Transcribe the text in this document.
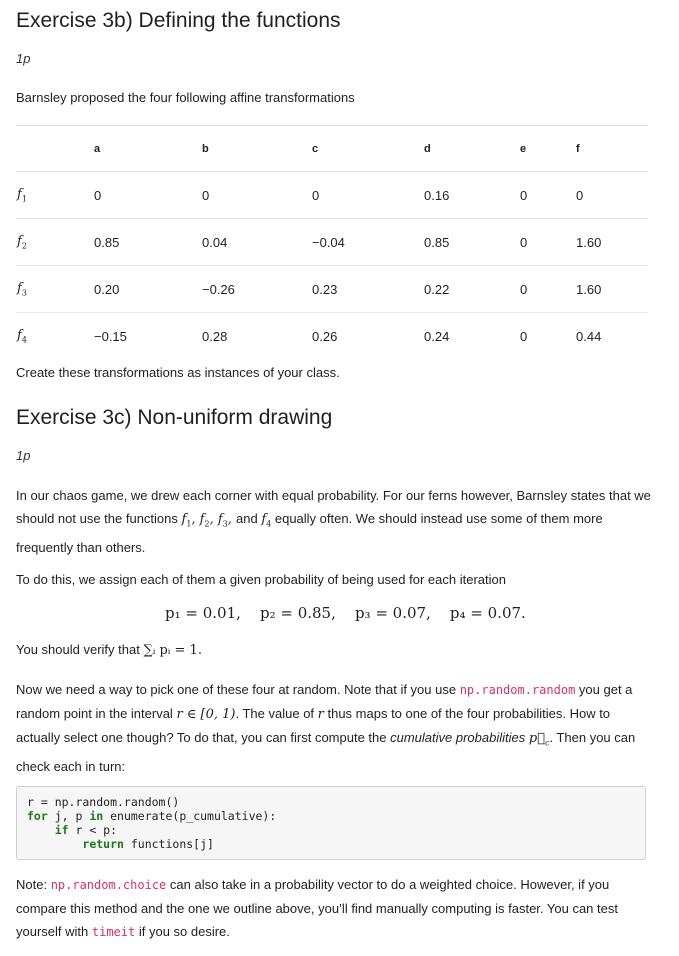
Exercise 3b) Defining the functions
1p

Barnsley proposed the four following affine transformations

	a	b	c	d	e	f
$f_1$	0	0	0	0.16	0	0
$f_2$	0.85	0.04	−0.04	0.85	0	1.60
$f_3$	0.20	−0.26	0.23	0.22	0	1.60
$f_4$	−0.15	0.28	0.26	0.24	0	0.44

Create these transformations as instances of your class.

Exercise 3c) Non-uniform drawing
1p

In our chaos game, we drew each corner with equal probability. For our ferns however, Barnsley states that we should not use the functions $f_1$, $f_2$, $f_3$, and $f_4$ equally often. We should instead use some of them more frequently than others.

To do this, we assign each of them a given probability of being used for each iteration

p₁ = 0.01, p₂ = 0.85, p₃ = 0.07, p₄ = 0.07.

You should verify that ∑ᵢ pᵢ = 1.

Now we need a way to pick one of these four at random. Note that if you use np.random.random you get a random point in the interval r ∈ [0, 1). The value of r thus maps to one of the four probabilities. How to actually select one though? To do that, you can first compute the cumulative probabilities $p⃗_c$. Then you can check each in turn:

r = np.random.random()
for j, p in enumerate(p_cumulative):
if r < p:
return functions[j]

Note: np.random.choice can also take in a probability vector to do a weighted choice. However, if you compare this method and the one we outline above, you’ll find manually computing is faster. You can test yourself with timeit if you so desire.
